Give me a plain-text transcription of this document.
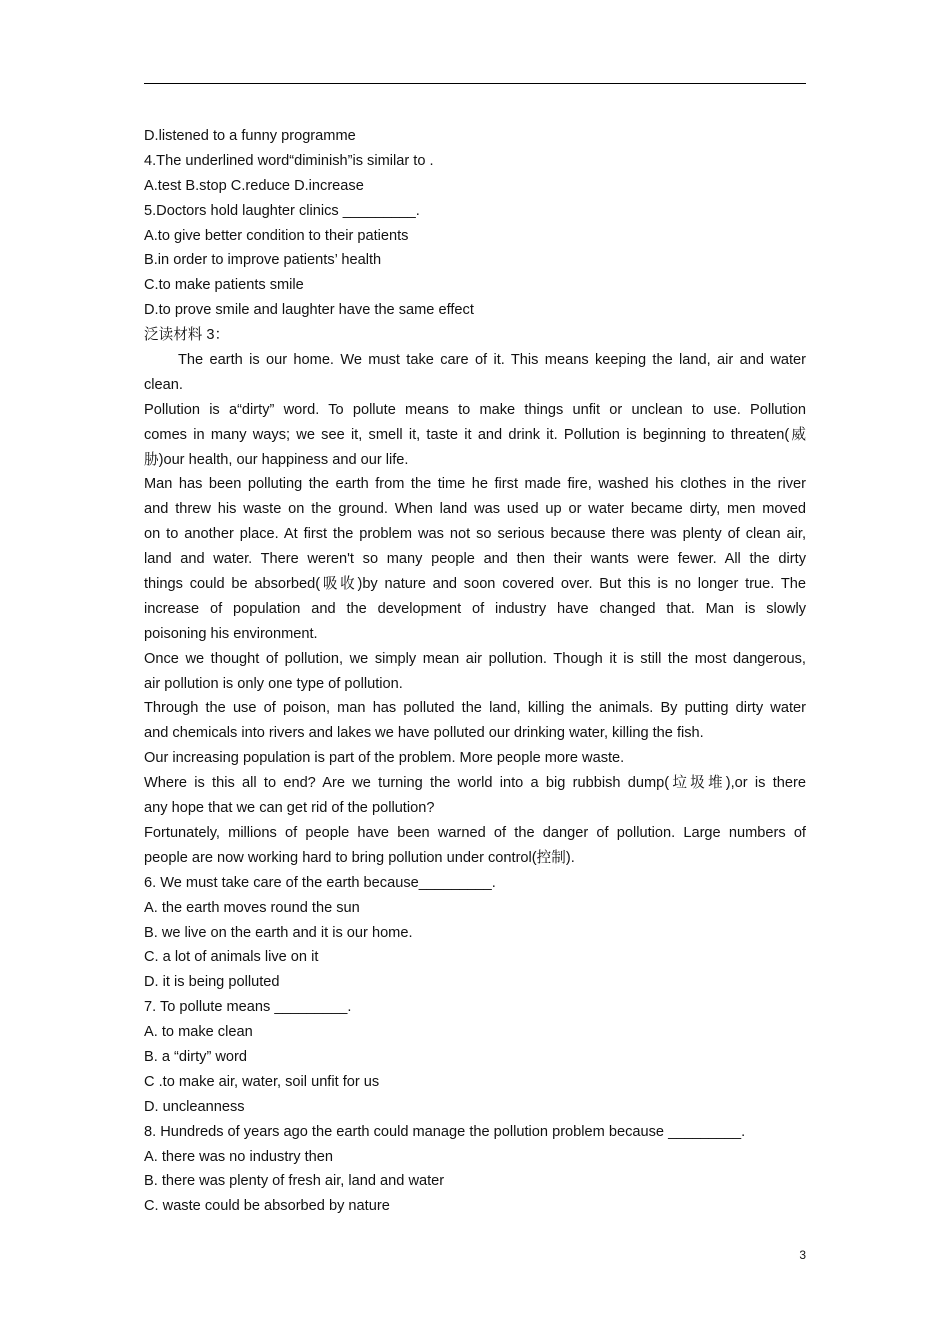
D.listened to a funny programme
4.The underlined word“diminish”is similar to .
A.test B.stop C.reduce D.increase
5.Doctors hold laughter clinics _________.
A.to give better condition to their patients
B.in order to improve patients’ health
C.to make patients smile
D.to prove smile and laughter have the same effect
泛读材料 3：
The earth is our home. We must take care of it. This means keeping the land, air and water
clean.
Pollution is a“dirty” word. To pollute means to make things unfit or unclean to use. Pollution
comes in many ways; we see it, smell it, taste it and drink it. Pollution is beginning to threaten(威
胁)our health, our happiness and our life.
Man has been polluting the earth from the time he first made fire, washed his clothes in the river
and threw his waste on the ground. When land was used up or water became dirty, men moved
on to another place. At first the problem was not so serious because there was plenty of clean air,
land and water. There weren't so many people and then their wants were fewer. All the dirty
things could be absorbed(吸收)by nature and soon covered over. But this is no longer true. The
increase of population and the development of industry have changed that. Man is slowly
poisoning his environment.
Once we thought of pollution, we simply mean air pollution. Though it is still the most dangerous,
air pollution is only one type of pollution.
Through the use of poison, man has polluted the land, killing the animals. By putting dirty water
and chemicals into rivers and lakes we have polluted our drinking water, killing the fish.
Our increasing population is part of the problem. More people more waste.
Where is this all to end? Are we turning the world into a big rubbish dump(垃圾堆),or is there
any hope that we can get rid of the pollution?
Fortunately, millions of people have been warned of the danger of pollution. Large numbers of
people are now working hard to bring pollution under control(控制).
6. We must take care of the earth because_________.
A. the earth moves round the sun
B. we live on the earth and it is our home.
C. a lot of animals live on it
D. it is being polluted
7. To pollute means _________.
A. to make clean
B. a “dirty” word
C .to make air, water, soil unfit for us
D. uncleanness
8. Hundreds of years ago the earth could manage the pollution problem because _________.
A. there was no industry then
B. there was plenty of fresh air, land and water
C. waste could be absorbed by nature
3
